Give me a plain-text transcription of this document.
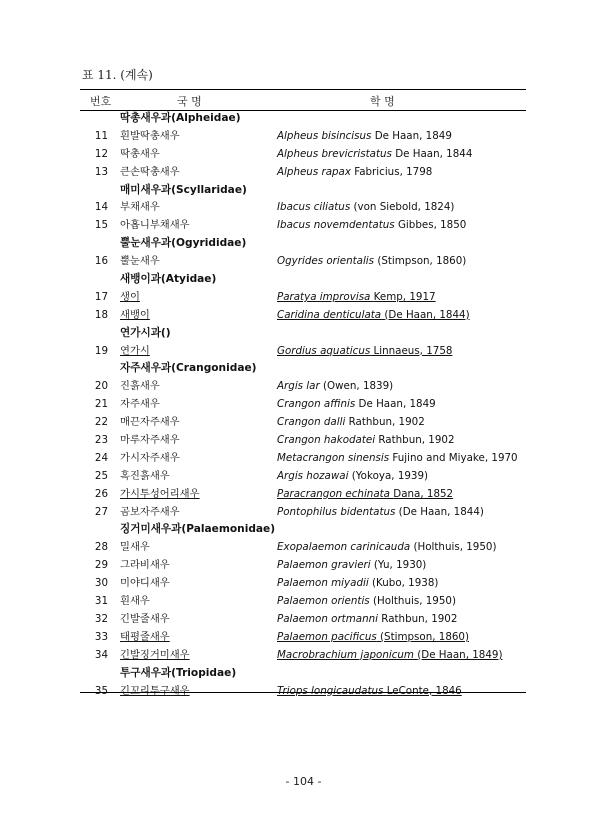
표 11. (계속)
번호	국 명	학 명
딱총새우과(Alpheidae)
11 흰발딱총새우	Alpheus bisincisus De Haan, 1849
12 딱총새우	Alpheus brevicristatus De Haan, 1844
13 큰손딱총새우	Alpheus rapax Fabricius, 1798
매미새우과(Scyllaridae)
14 부채새우	Ibacus ciliatus (von Siebold, 1824)
15 아홉니부채새우	Ibacus novemdentatus Gibbes, 1850
뿔눈새우과(Ogyrididae)
16 뿔눈새우	Ogyrides orientalis (Stimpson, 1860)
새뱅이과(Atyidae)
17 생이	Paratya improvisa Kemp, 1917
18 새뱅이	Caridina denticulata (De Haan, 1844)
연가시과()
19 연가시	Gordius aquaticus Linnaeus, 1758
자주새우과(Crangonidae)
20 진흙새우	Argis lar (Owen, 1839)
21 자주새우	Crangon affinis De Haan, 1849
22 매끈자주새우	Crangon dalli Rathbun, 1902
23 마루자주새우	Crangon hakodatei Rathbun, 1902
24 가시자주새우	Metacrangon sinensis Fujino and Miyake, 1970
25 혹진흙새우	Argis hozawai (Yokoya, 1939)
26 가시투성어리새우	Paracrangon echinata Dana, 1852
27 곰보자주새우	Pontophilus bidentatus (De Haan, 1844)
징거미새우과(Palaemonidae)
28 밀새우	Exopalaemon carinicauda (Holthuis, 1950)
29 그라비새우	Palaemon gravieri (Yu, 1930)
30 미야디새우	Palaemon miyadii (Kubo, 1938)
31 흰새우	Palaemon orientis (Holthuis, 1950)
32 긴발줄새우	Palaemon ortmanni Rathbun, 1902
33 태평줄새우	Palaemon pacificus (Stimpson, 1860)
34 긴발징거미새우	Macrobrachium japonicum (De Haan, 1849)
투구새우과(Triopidae)
35 긴꼬리투구새우	Triops longicaudatus LeConte, 1846
- 104 -
